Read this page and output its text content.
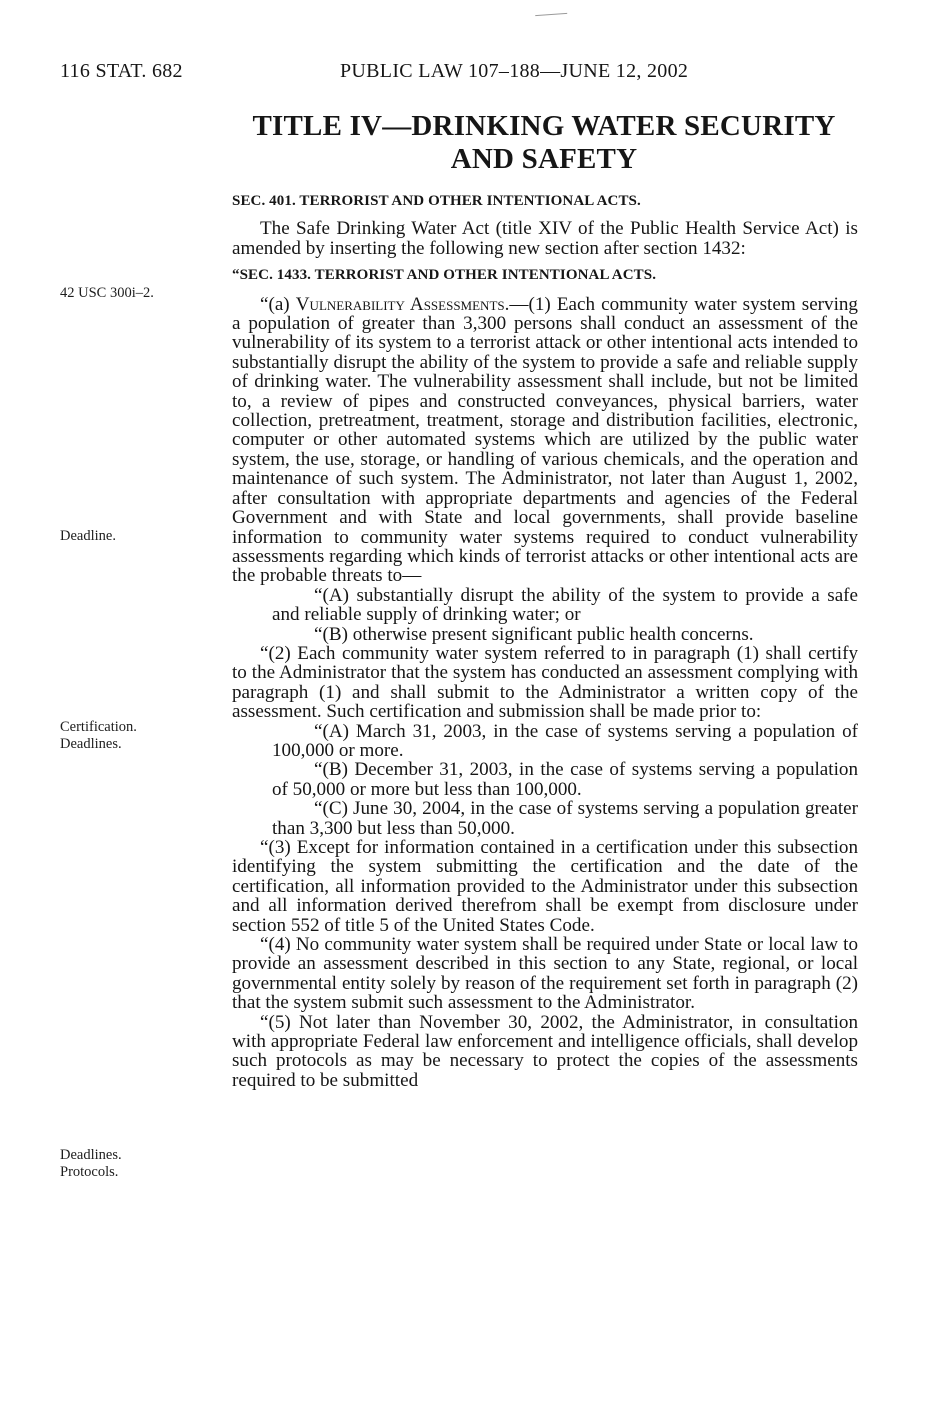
116 STAT. 682	PUBLIC LAW 107–188—JUNE 12, 2002
TITLE IV—DRINKING WATER SECURITY
AND SAFETY
42 USC 300i–2.
Deadline.
Certification.
Deadlines.
Deadlines.
Protocols.

SEC. 401. TERRORIST AND OTHER INTENTIONAL ACTS.

The Safe Drinking Water Act (title XIV of the Public Health Service Act) is amended by inserting the following new section after section 1432:

“SEC. 1433. TERRORIST AND OTHER INTENTIONAL ACTS.

“(a) Vulnerability Assessments.—(1) Each community water system serving a population of greater than 3,300 persons shall conduct an assessment of the vulnerability of its system to a terrorist attack or other intentional acts intended to substantially disrupt the ability of the system to provide a safe and reliable supply of drinking water. The vulnerability assessment shall include, but not be limited to, a review of pipes and constructed conveyances, physical barriers, water collection, pretreatment, treatment, storage and distribution facilities, electronic, computer or other automated systems which are utilized by the public water system, the use, storage, or handling of various chemicals, and the operation and maintenance of such system. The Administrator, not later than August 1, 2002, after consultation with appropriate departments and agencies of the Federal Government and with State and local governments, shall provide baseline information to community water systems required to conduct vulnerability assessments regarding which kinds of terrorist attacks or other intentional acts are the probable threats to—

“(A) substantially disrupt the ability of the system to provide a safe and reliable supply of drinking water; or

“(B) otherwise present significant public health concerns.

“(2) Each community water system referred to in paragraph (1) shall certify to the Administrator that the system has conducted an assessment complying with paragraph (1) and shall submit to the Administrator a written copy of the assessment. Such certification and submission shall be made prior to:

“(A) March 31, 2003, in the case of systems serving a population of 100,000 or more.

“(B) December 31, 2003, in the case of systems serving a population of 50,000 or more but less than 100,000.

“(C) June 30, 2004, in the case of systems serving a population greater than 3,300 but less than 50,000.

“(3) Except for information contained in a certification under this subsection identifying the system submitting the certification and the date of the certification, all information provided to the Administrator under this subsection and all information derived therefrom shall be exempt from disclosure under section 552 of title 5 of the United States Code.

“(4) No community water system shall be required under State or local law to provide an assessment described in this section to any State, regional, or local governmental entity solely by reason of the requirement set forth in paragraph (2) that the system submit such assessment to the Administrator.

“(5) Not later than November 30, 2002, the Administrator, in consultation with appropriate Federal law enforcement and intelligence officials, shall develop such protocols as may be necessary to protect the copies of the assessments required to be submitted
